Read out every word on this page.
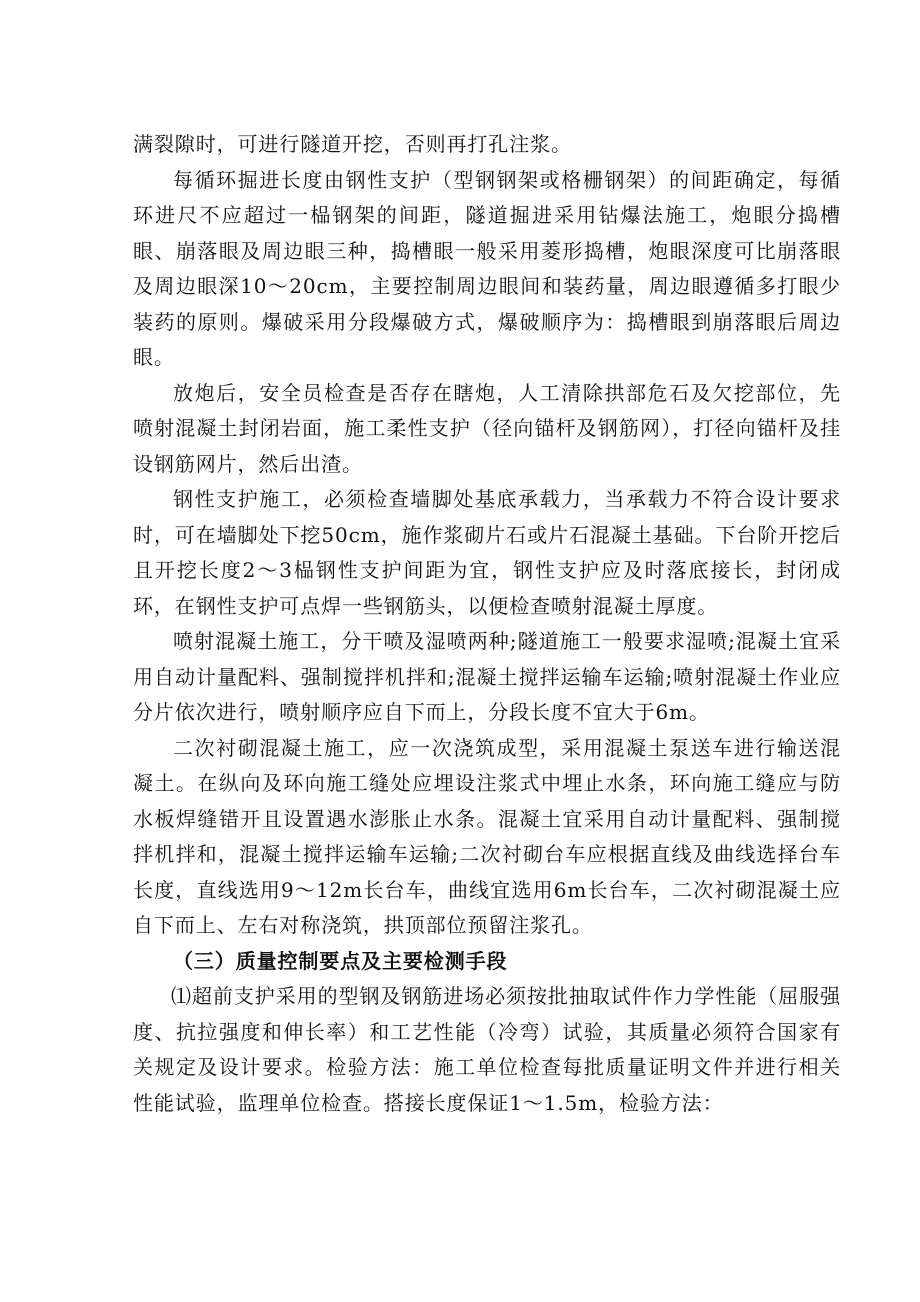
满裂隙时，可进行隧道开挖，否则再打孔注浆。

每循环掘进长度由钢性支护（型钢钢架或格栅钢架）的间距确定，每循环进尺不应超过一榀钢架的间距，隧道掘进采用钻爆法施工，炮眼分捣槽眼、崩落眼及周边眼三种，捣槽眼一般采用菱形捣槽，炮眼深度可比崩落眼及周边眼深10～20cm，主要控制周边眼间和装药量，周边眼遵循多打眼少装药的原则。爆破采用分段爆破方式，爆破顺序为：捣槽眼到崩落眼后周边眼。

放炮后，安全员检查是否存在瞎炮，人工清除拱部危石及欠挖部位，先喷射混凝土封闭岩面，施工柔性支护（径向锚杆及钢筋网），打径向锚杆及挂设钢筋网片，然后出渣。

钢性支护施工，必须检查墙脚处基底承载力，当承载力不符合设计要求时，可在墙脚处下挖50cm，施作浆砌片石或片石混凝土基础。下台阶开挖后且开挖长度2～3榀钢性支护间距为宜，钢性支护应及时落底接长，封闭成环，在钢性支护可点焊一些钢筋头，以便检查喷射混凝土厚度。

喷射混凝土施工，分干喷及湿喷两种;隧道施工一般要求湿喷;混凝土宜采用自动计量配料、强制搅拌机拌和;混凝土搅拌运输车运输;喷射混凝土作业应分片依次进行，喷射顺序应自下而上，分段长度不宜大于6m。

二次衬砌混凝土施工，应一次浇筑成型，采用混凝土泵送车进行输送混凝土。在纵向及环向施工缝处应埋设注浆式中埋止水条，环向施工缝应与防水板焊缝错开且设置遇水澎胀止水条。混凝土宜采用自动计量配料、强制搅拌机拌和，混凝土搅拌运输车运输;二次衬砌台车应根据直线及曲线选择台车长度，直线选用9～12m长台车，曲线宜选用6m长台车，二次衬砌混凝土应自下而上、左右对称浇筑，拱顶部位预留注浆孔。

（三）质量控制要点及主要检测手段

⑴超前支护采用的型钢及钢筋进场必须按批抽取试件作力学性能（屈服强度、抗拉强度和伸长率）和工艺性能（冷弯）试验，其质量必须符合国家有关规定及设计要求。检验方法：施工单位检查每批质量证明文件并进行相关性能试验，监理单位检查。搭接长度保证1～1.5m，检验方法：
